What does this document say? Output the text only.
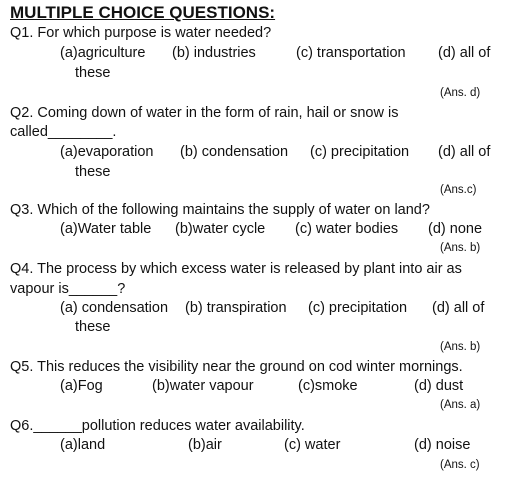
MULTIPLE CHOICE QUESTIONS:
Q1. For which purpose is water needed?
(a)agriculture (b) industries	(c) transportation (d) all of
these
(Ans. d)
Q2. Coming down of water in the form of rain, hail or snow is
called________.
(a)evaporation (b) condensation (c) precipitation (d) all of
these
(Ans.c)
Q3. Which of the following maintains the supply of water on land?
(a)Water table (b)water cycle (c) water bodies (d) none
(Ans. b)
Q4. The process by which excess water is released by plant into air as
vapour is______?
(a) condensation (b) transpiration (c) precipitation (d) all of
these
(Ans. b)
Q5. This reduces the visibility near the ground on cod winter mornings.
(a)Fog	(b)water vapour	(c)smoke	(d) dust
(Ans. a)
Q6.______pollution reduces water availability.
(a)land	(b)air	(c) water	(d) noise
(Ans. c)
